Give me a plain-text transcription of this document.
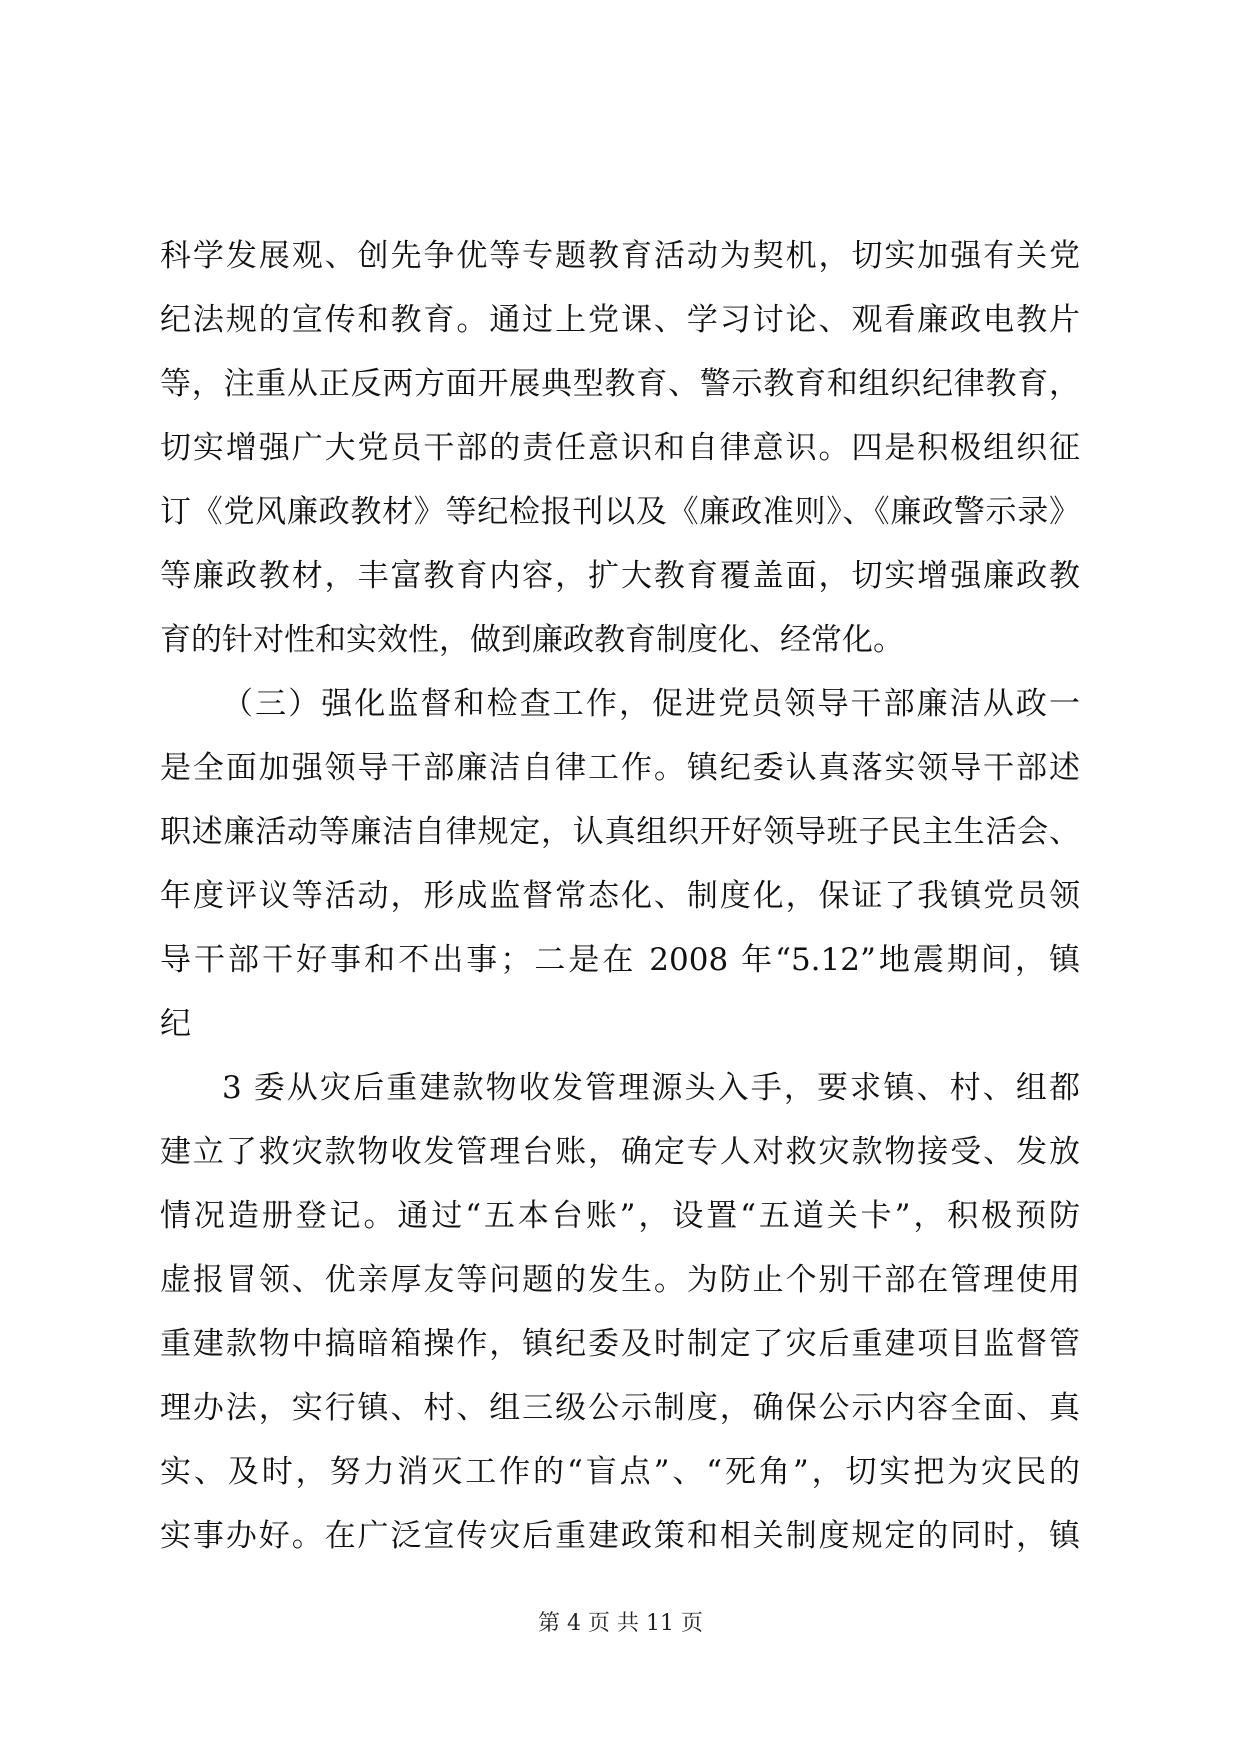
科学发展观、创先争优等专题教育活动为契机，切实加强有关党
纪法规的宣传和教育。通过上党课、学习讨论、观看廉政电教片
等，注重从正反两方面开展典型教育、警示教育和组织纪律教育，
切实增强广大党员干部的责任意识和自律意识。四是积极组织征
订《党风廉政教材》等纪检报刊以及《廉政准则》、《廉政警示录》
等廉政教材，丰富教育内容，扩大教育覆盖面，切实增强廉政教
育的针对性和实效性，做到廉政教育制度化、经常化。
（三）强化监督和检查工作，促进党员领导干部廉洁从政一
是全面加强领导干部廉洁自律工作。镇纪委认真落实领导干部述
职述廉活动等廉洁自律规定，认真组织开好领导班子民主生活会、
年度评议等活动，形成监督常态化、制度化，保证了我镇党员领
导干部干好事和不出事；二是在 2008 年“5.12”地震期间，镇
纪
3 委从灾后重建款物收发管理源头入手，要求镇、村、组都
建立了救灾款物收发管理台账，确定专人对救灾款物接受、发放
情况造册登记。通过“五本台账”，设置“五道关卡”，积极预防
虚报冒领、优亲厚友等问题的发生。为防止个别干部在管理使用
重建款物中搞暗箱操作，镇纪委及时制定了灾后重建项目监督管
理办法，实行镇、村、组三级公示制度，确保公示内容全面、真
实、及时，努力消灭工作的“盲点”、“死角”，切实把为灾民的
实事办好。在广泛宣传灾后重建政策和相关制度规定的同时，镇
第 4 页 共 11 页
